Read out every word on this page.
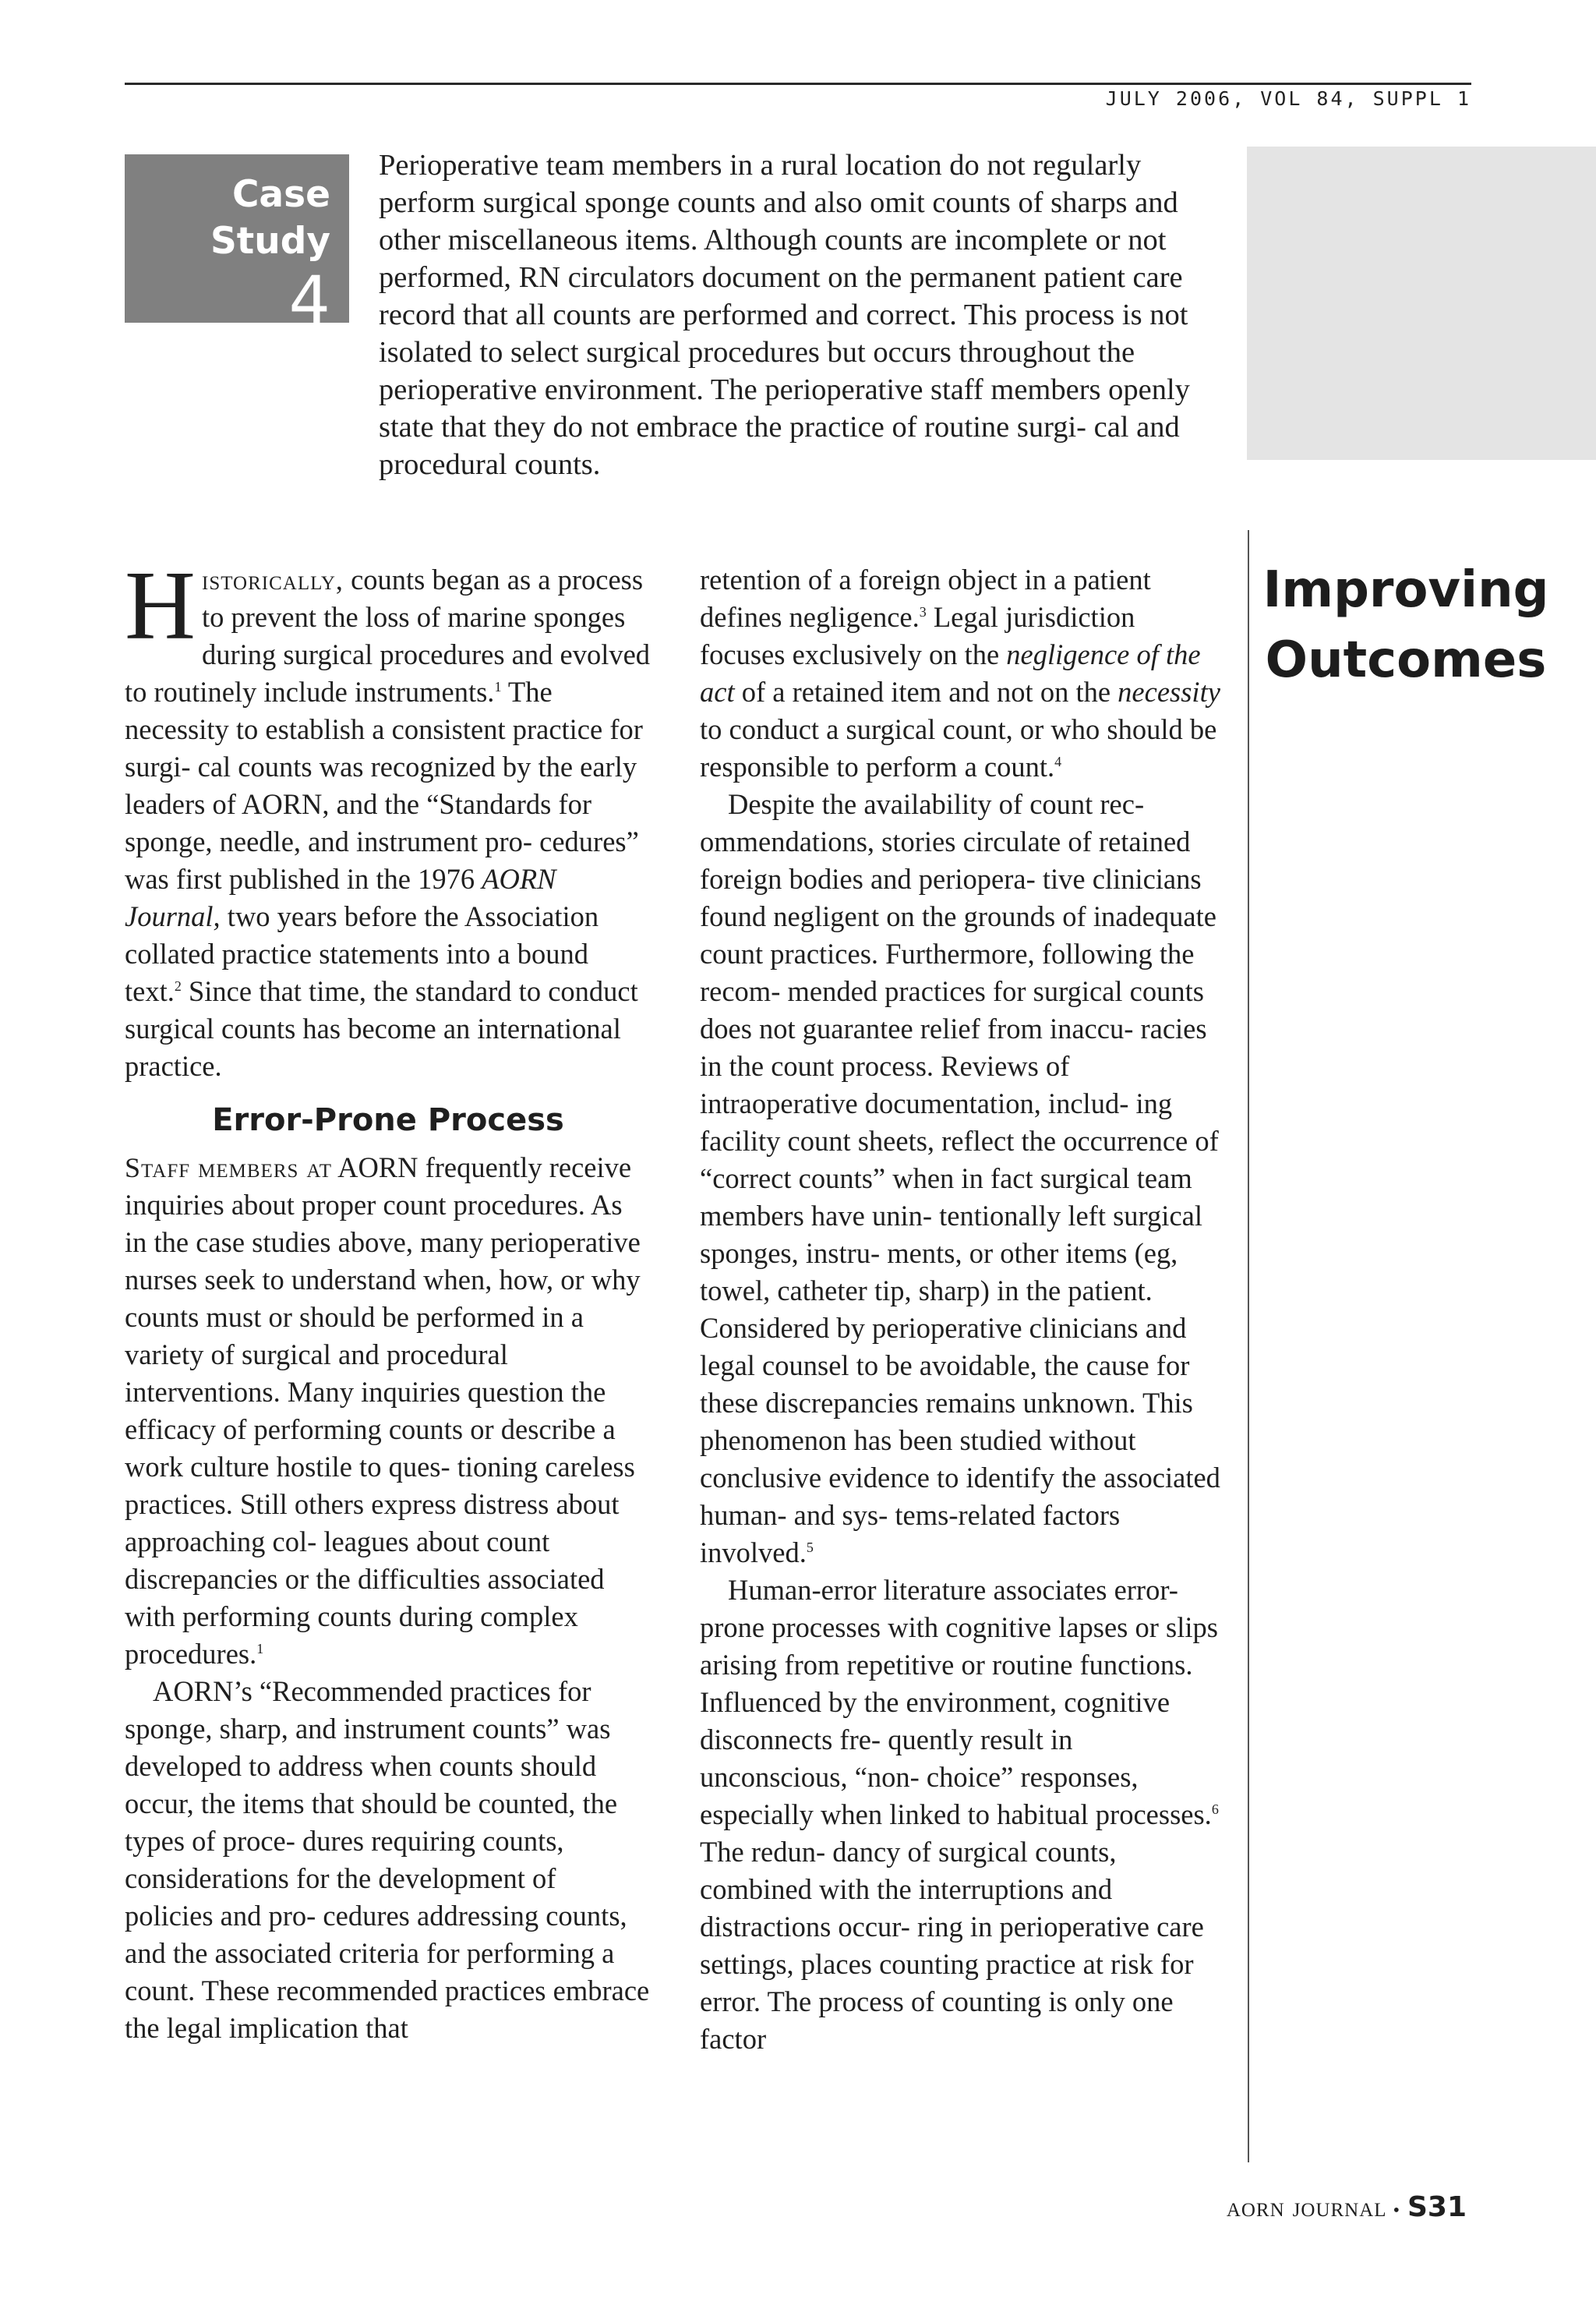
JULY 2006, VOL 84, SUPPL 1
Case Study
4
Perioperative team members in a rural location do not regularly perform surgical sponge counts and also omit counts of sharps and other miscellaneous items. Although counts are incomplete or not performed, RN circulators document on the permanent patient care record that all counts are performed and correct. This process is not isolated to select surgical procedures but occurs throughout the perioperative environment. The perioperative staff members openly state that they do not embrace the practice of routine surgi- cal and procedural counts.
Improving Outcomes

Historically, counts began as a process to prevent the loss of marine sponges during surgical procedures and evolved to routinely include instruments.$^1$ The necessity to establish a consistent practice for surgi- cal counts was recognized by the early leaders of AORN, and the “Standards for sponge, needle, and instrument pro- cedures” was first published in the 1976 AORN Journal, two years before the Association collated practice statements into a bound text.$^2$ Since that time, the standard to conduct surgical counts has become an international practice.

Error-Prone Process

Staff members at AORN frequently receive inquiries about proper count procedures. As in the case studies above, many perioperative nurses seek to understand when, how, or why counts must or should be performed in a variety of surgical and procedural interventions. Many inquiries question the efficacy of performing counts or describe a work culture hostile to ques- tioning careless practices. Still others express distress about approaching col- leagues about count discrepancies or the difficulties associated with performing counts during complex procedures.$^1$

AORN’s “Recommended practices for sponge, sharp, and instrument counts” was developed to address when counts should occur, the items that should be counted, the types of proce- dures requiring counts, considerations for the development of policies and pro- cedures addressing counts, and the associated criteria for performing a count. These recommended practices embrace the legal implication that

retention of a foreign object in a patient defines negligence.$^3$ Legal jurisdiction focuses exclusively on the negligence of the act of a retained item and not on the necessity to conduct a surgical count, or who should be responsible to perform a count.$^4$

Despite the availability of count rec- ommendations, stories circulate of retained foreign bodies and periopera- tive clinicians found negligent on the grounds of inadequate count practices. Furthermore, following the recom- mended practices for surgical counts does not guarantee relief from inaccu- racies in the count process. Reviews of intraoperative documentation, includ- ing facility count sheets, reflect the occurrence of “correct counts” when in fact surgical team members have unin- tentionally left surgical sponges, instru- ments, or other items (eg, towel, catheter tip, sharp) in the patient. Considered by perioperative clinicians and legal counsel to be avoidable, the cause for these discrepancies remains unknown. This phenomenon has been studied without conclusive evidence to identify the associated human- and sys- tems-related factors involved.$^5$

Human-error literature associates error-prone processes with cognitive lapses or slips arising from repetitive or routine functions. Influenced by the environment, cognitive disconnects fre- quently result in unconscious, “non- choice” responses, especially when linked to habitual processes.$^6$ The redun- dancy of surgical counts, combined with the interruptions and distractions occur- ring in perioperative care settings, places counting practice at risk for error. The process of counting is only one factor

aorn journal • S31
